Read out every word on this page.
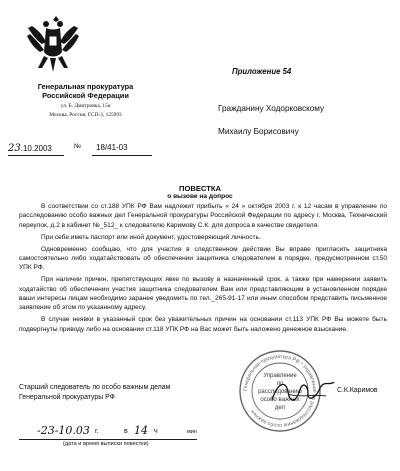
Генеральная прокуратура
Российской Федерации
ул. Б. Дмитровка, 15а
Москва, Россия, ГСП-3, 125993
23.10.2003	№ 18/41-03
Приложение 54
Гражданину Ходорковскому
Михаилу Борисовичу
ПОВЕСТКА
о вызове на допрос

В соответствии со ст.188 УПК РФ Вам надлежит прибыть « 24 » октября 2003 г. к 12 часам в управление по расследованию особо важных дел Генеральной прокуратуры Российской Федерации по адресу г. Москва, Технический переулок, д.2 в кабинет №_512_ к следователю Каримову С.К. для допроса в качестве свидетеля.

При себе иметь паспорт или иной документ, удостоверяющий личность.

Одновременно сообщаю, что для участия в следственном действии Вы вправе пригласить защитника самостоятельно либо ходатайствовать об обеспечении защитника следователем в порядке, предусмотренном ст.50 УПК РФ.

При наличии причин, препятствующих явке по вызову в назначенный срок, а также при намерении заявить ходатайство об обеспечении участия защитника следователем Вам или представляющим в установленном порядке ваши интересы лицам необходимо заранее уведомить по тел._265-91-17 или иным способом представить письменное заявление об этом по указанному адресу.

В случае неявки в указанный срок без уважительных причин на основании ст.113 УПК РФ Вы можете быть подвергнуты приводу либо на основании ст.118 УПК РФ на Вас может быть наложено денежное взыскание.

Старший следователь по особо важным делам
Генеральной прокуратуры РФ
Генеральная прокуратура РФ * Управление по расследованию особо важных
Управление
по
расследованию
особо важных
дел
С.К.Каримов
-23-10.03 г.	в 14 ч	мин
(дата и время выписки повестки)
